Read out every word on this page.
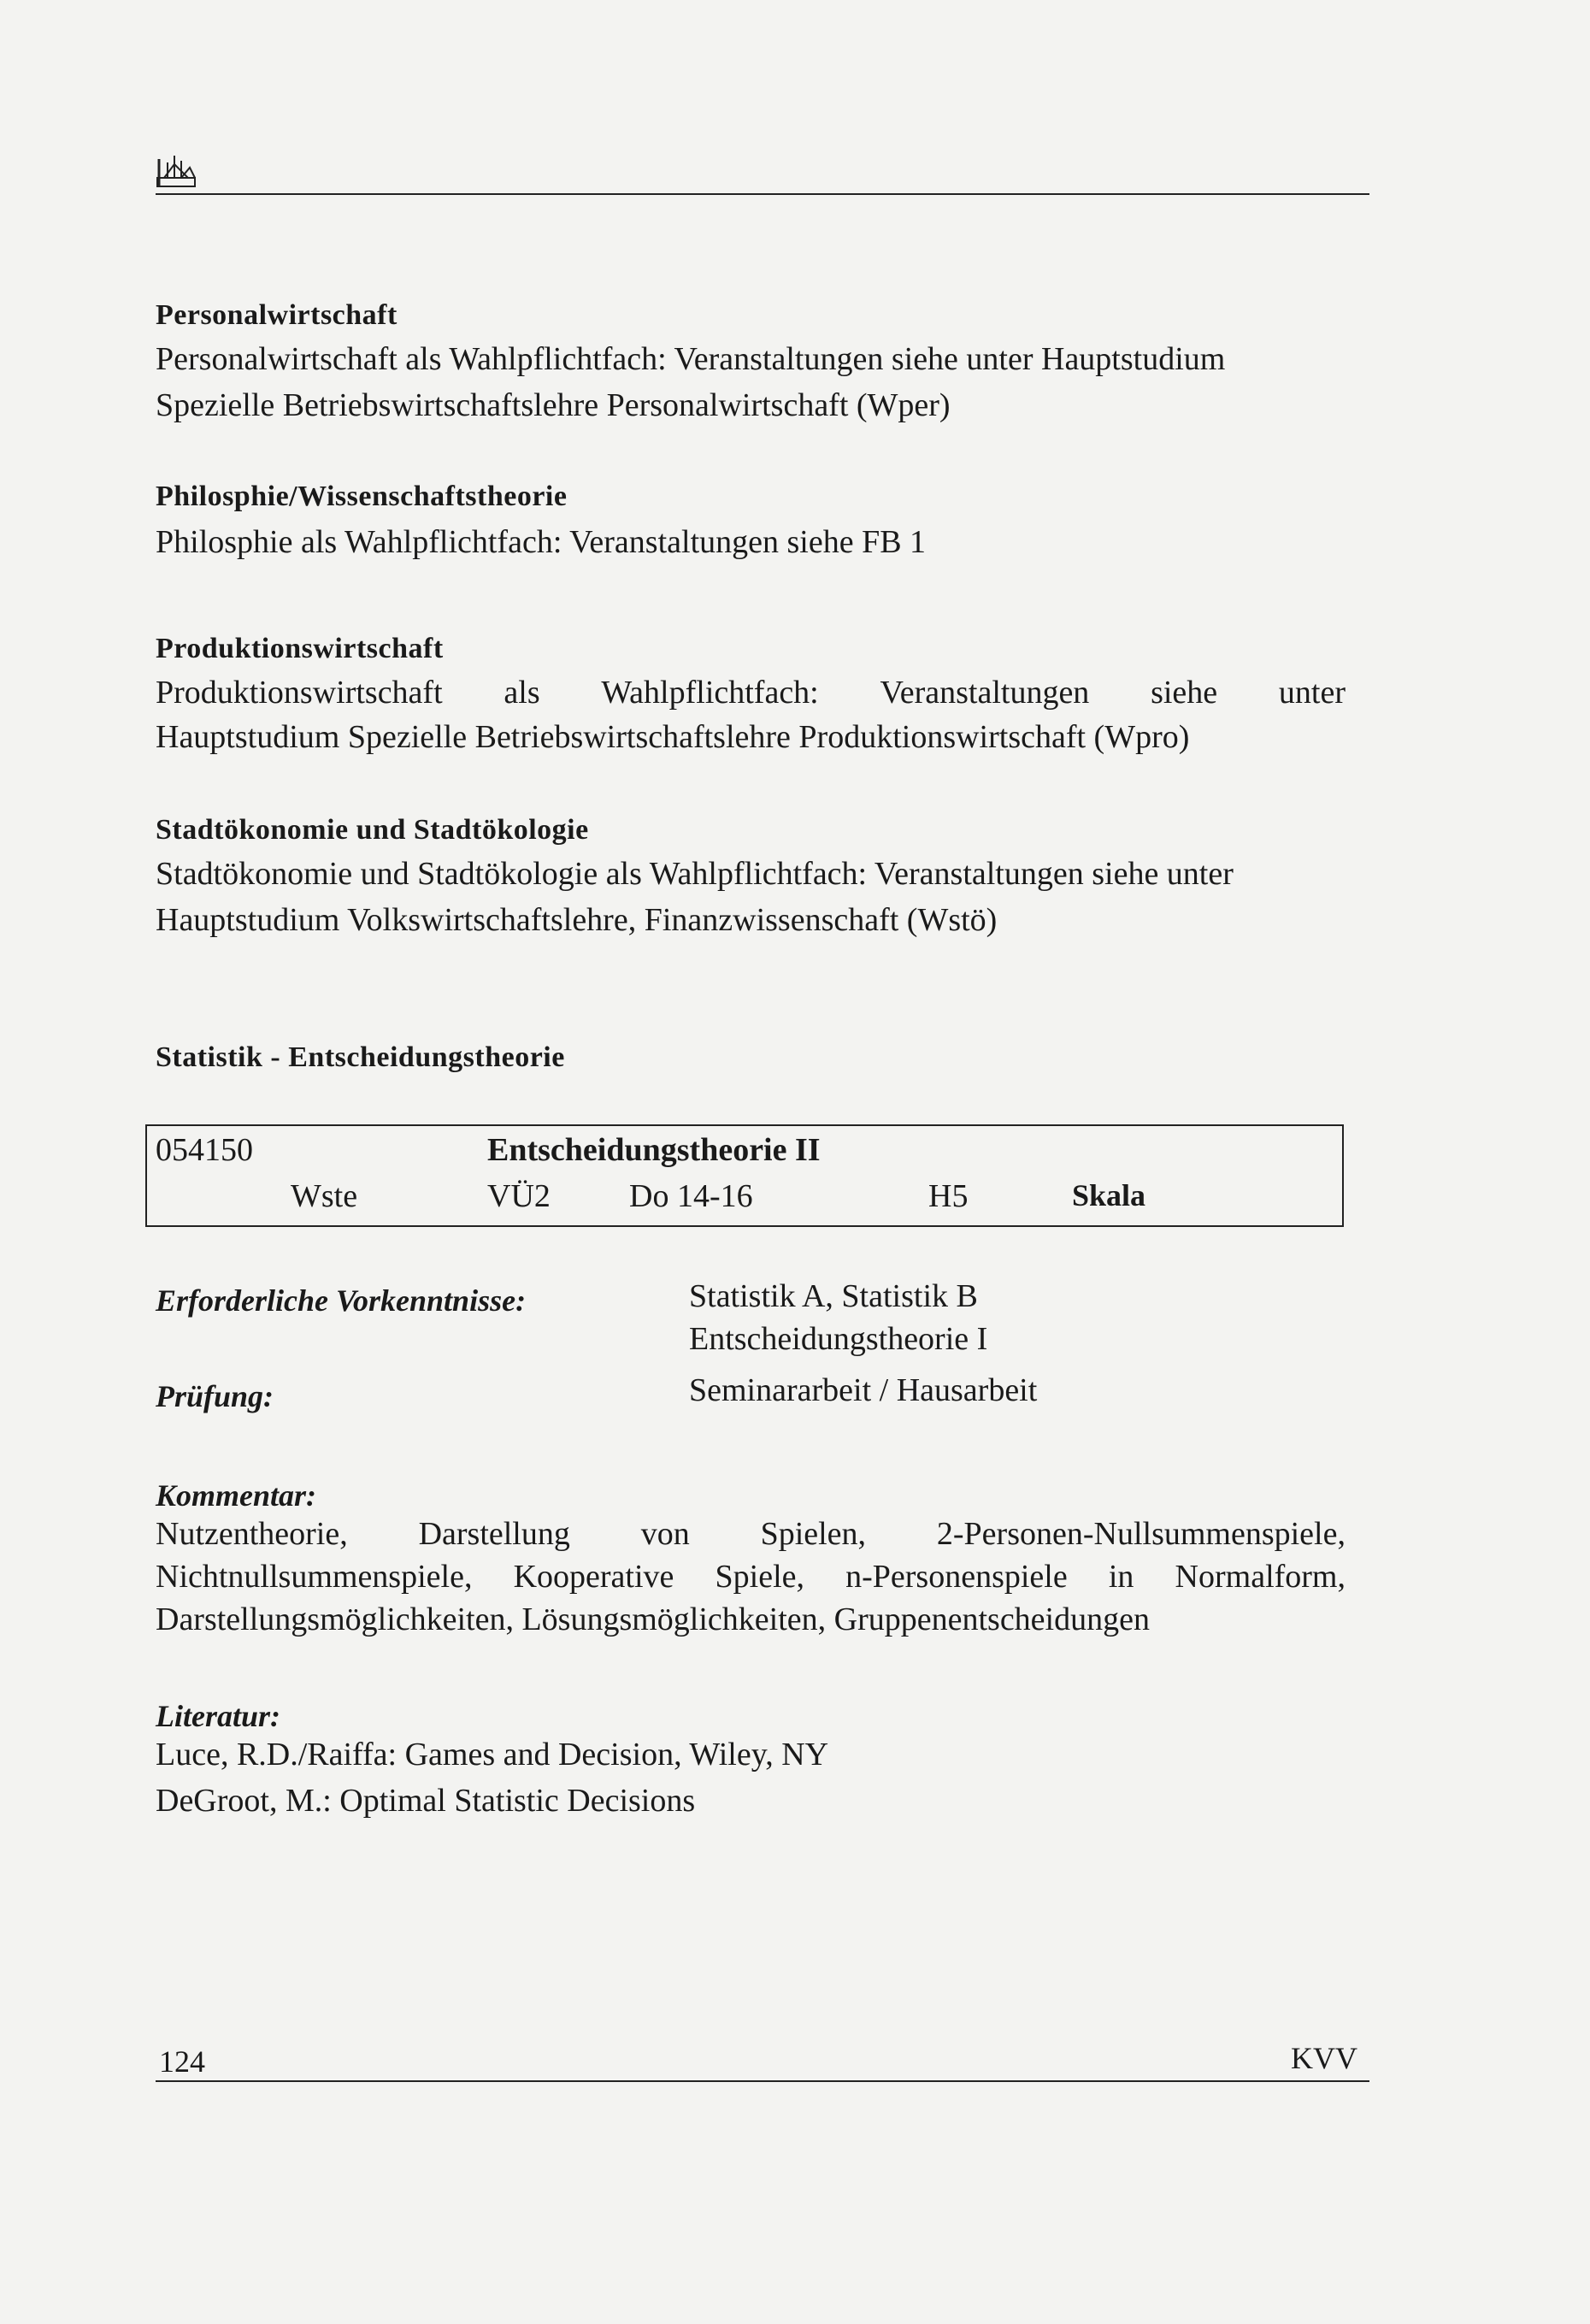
Personalwirtschaft
Personalwirtschaft als Wahlpflichtfach: Veranstaltungen siehe unter Hauptstudium
Spezielle Betriebswirtschaftslehre Personalwirtschaft (Wper)
Philosphie/Wissenschaftstheorie
Philosphie als Wahlpflichtfach: Veranstaltungen siehe FB 1
Produktionswirtschaft
Produktionswirtschaft als Wahlpflichtfach: Veranstaltungen siehe unter
Hauptstudium Spezielle Betriebswirtschaftslehre Produktionswirtschaft (Wpro)
Stadtökonomie und Stadtökologie
Stadtökonomie und Stadtökologie als Wahlpflichtfach: Veranstaltungen siehe unter
Hauptstudium Volkswirtschaftslehre, Finanzwissenschaft (Wstö)
Statistik - Entscheidungstheorie
054150	Entscheidungstheorie II
Wste	VÜ2 Do 14-16	H5	Skala
Erforderliche Vorkenntnisse:	Statistik A, Statistik B
Entscheidungstheorie I
Prüfung:	Seminararbeit / Hausarbeit
Kommentar:
Nutzentheorie, Darstellung von Spielen, 2-Personen-Nullsummenspiele,
Nichtnullsummenspiele, Kooperative Spiele, n-Personenspiele in Normalform,
Darstellungsmöglichkeiten, Lösungsmöglichkeiten, Gruppenentscheidungen
Literatur:
Luce, R.D./Raiffa: Games and Decision, Wiley, NY
DeGroot, M.: Optimal Statistic Decisions
124	KVV
